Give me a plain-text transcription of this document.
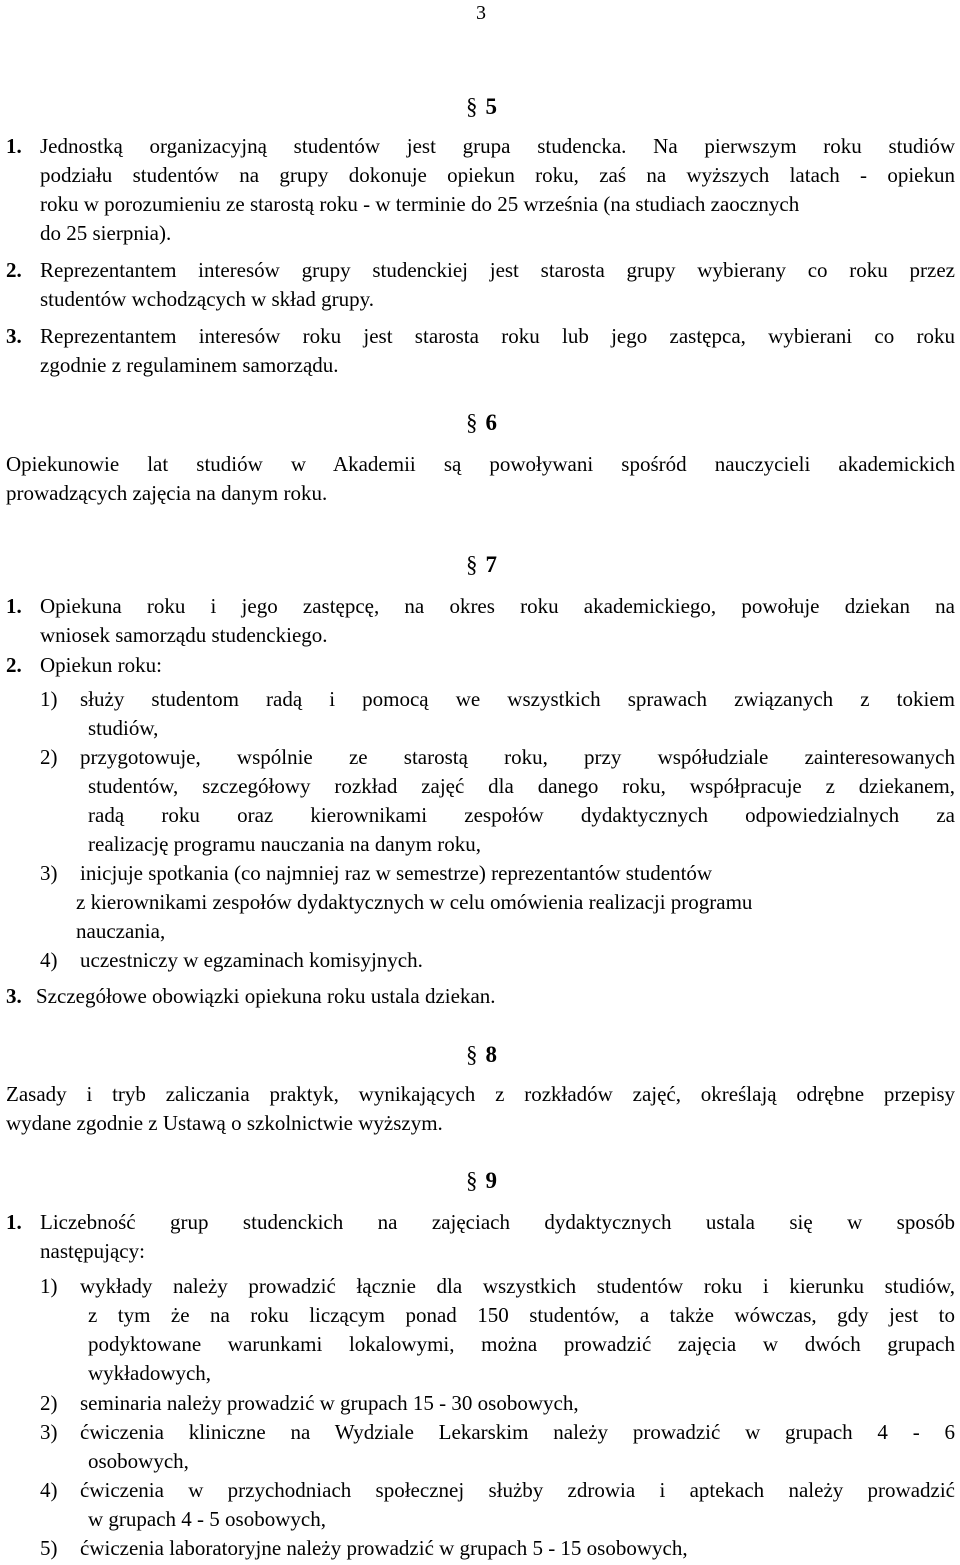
3
§ 5
1. Jednostką organizacyjną studentów jest grupa studencka. Na pierwszym roku studiów
podziału studentów na grupy dokonuje opiekun roku, zaś na wyższych latach - opiekun
roku w porozumieniu ze starostą roku - w terminie do 25 września (na studiach zaocznych
do 25 sierpnia).
2. Reprezentantem interesów grupy studenckiej jest starosta grupy wybierany co roku przez
studentów wchodzących w skład grupy.
3. Reprezentantem interesów roku jest starosta roku lub jego zastępca, wybierani co roku
zgodnie z regulaminem samorządu.
§ 6
Opiekunowie lat studiów w Akademii są powoływani spośród nauczycieli akademickich
prowadzących zajęcia na danym roku.
§ 7
1. Opiekuna roku i jego zastępcę, na okres roku akademickiego, powołuje dziekan na
wniosek samorządu studenckiego.
2. Opiekun roku:
1) służy studentom radą i pomocą we wszystkich sprawach związanych z tokiem
studiów,
2) przygotowuje, wspólnie ze starostą roku, przy współudziale zainteresowanych
studentów, szczegółowy rozkład zajęć dla danego roku, współpracuje z dziekanem,
radą roku oraz kierownikami zespołów dydaktycznych odpowiedzialnych za
realizację programu nauczania na danym roku,
3) inicjuje spotkania (co najmniej raz w semestrze) reprezentantów studentów
z kierownikami zespołów dydaktycznych w celu omówienia realizacji programu
nauczania,
4) uczestniczy w egzaminach komisyjnych.
3. Szczegółowe obowiązki opiekuna roku ustala dziekan.
§ 8
Zasady i tryb zaliczania praktyk, wynikających z rozkładów zajęć, określają odrębne przepisy
wydane zgodnie z Ustawą o szkolnictwie wyższym.
§ 9
1. Liczebność grup studenckich na zajęciach dydaktycznych ustala się w sposób
następujący:
1) wykłady należy prowadzić łącznie dla wszystkich studentów roku i kierunku studiów,
z tym że na roku liczącym ponad 150 studentów, a także wówczas, gdy jest to
podyktowane warunkami lokalowymi, można prowadzić zajęcia w dwóch grupach
wykładowych,
2) seminaria należy prowadzić w grupach 15 - 30 osobowych,
3) ćwiczenia kliniczne na Wydziale Lekarskim należy prowadzić w grupach 4 - 6
osobowych,
4) ćwiczenia w przychodniach społecznej służby zdrowia i aptekach należy prowadzić
w grupach 4 - 5 osobowych,
5) ćwiczenia laboratoryjne należy prowadzić w grupach 5 - 15 osobowych,
